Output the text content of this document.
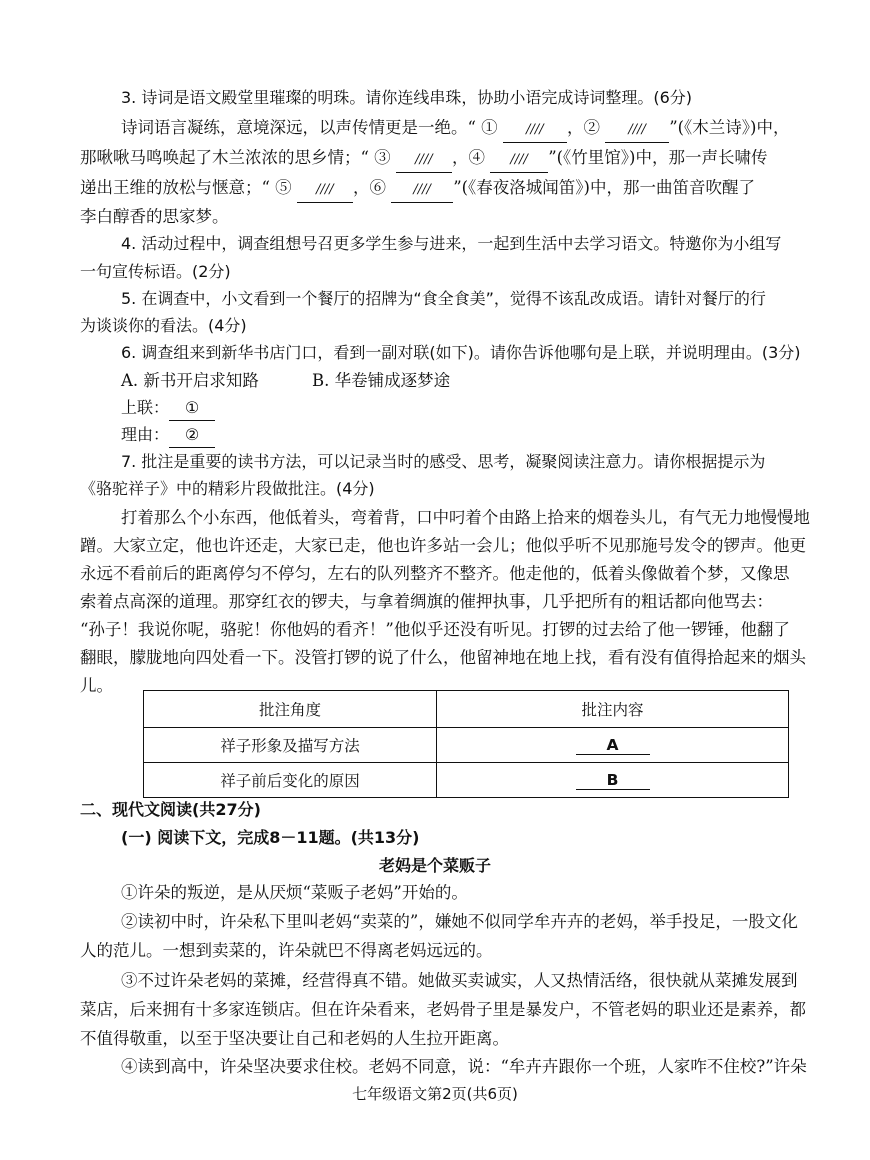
3. 诗词是语文殿堂里璀璨的明珠。请你连线串珠，协助小语完成诗词整理。(6分)
诗词语言凝练，意境深远，以声传情更是一绝。“ ① //// ，② //// ”(《木兰诗》)中，
那啾啾马鸣唤起了木兰浓浓的思乡情；“ ③ //// ，④ //// ”(《竹里馆》)中，那一声长啸传
递出王维的放松与惬意；“ ⑤ //// ，⑥ //// ”(《春夜洛城闻笛》)中，那一曲笛音吹醒了
李白醇香的思家梦。
4. 活动过程中，调查组想号召更多学生参与进来，一起到生活中去学习语文。特邀你为小组写
一句宣传标语。(2分)
5. 在调查中，小文看到一个餐厅的招牌为“食全食美”，觉得不该乱改成语。请针对餐厅的行
为谈谈你的看法。(4分)
6. 调查组来到新华书店门口，看到一副对联(如下)。请你告诉他哪句是上联，并说明理由。(3分)
A. 新书开启求知路	B. 华卷铺成逐梦途
上联： ①
理由： ②
7. 批注是重要的读书方法，可以记录当时的感受、思考，凝聚阅读注意力。请你根据提示为
《骆驼祥子》中的精彩片段做批注。(4分)
打着那么个小东西，他低着头，弯着背，口中叼着个由路上拾来的烟卷头儿，有气无力地慢慢地
蹭。大家立定，他也许还走，大家已走，他也许多站一会儿；他似乎听不见那施号发令的锣声。他更
永远不看前后的距离停匀不停匀，左右的队列整齐不整齐。他走他的，低着头像做着个梦，又像思
索着点高深的道理。那穿红衣的锣夫，与拿着绸旗的催押执事，几乎把所有的粗话都向他骂去：
“孙子！我说你呢，骆驼！你他妈的看齐！”他似乎还没有听见。打锣的过去给了他一锣锤，他翻了
翻眼，朦胧地向四处看一下。没管打锣的说了什么，他留神地在地上找，看有没有值得拾起来的烟头
儿。
批注角度	批注内容
祥子形象及描写方法	A
祥子前后变化的原因	B
二、现代文阅读(共27分)
(一) 阅读下文，完成8－11题。(共13分)
老妈是个菜贩子
①许朵的叛逆，是从厌烦“菜贩子老妈”开始的。
②读初中时，许朵私下里叫老妈“卖菜的”，嫌她不似同学牟卉卉的老妈，举手投足，一股文化
人的范儿。一想到卖菜的，许朵就巴不得离老妈远远的。
③不过许朵老妈的菜摊，经营得真不错。她做买卖诚实，人又热情活络，很快就从菜摊发展到
菜店，后来拥有十多家连锁店。但在许朵看来，老妈骨子里是暴发户，不管老妈的职业还是素养，都
不值得敬重，以至于坚决要让自己和老妈的人生拉开距离。
④读到高中，许朵坚决要求住校。老妈不同意，说：“牟卉卉跟你一个班，人家咋不住校?”许朵
七年级语文第2页(共6页)
